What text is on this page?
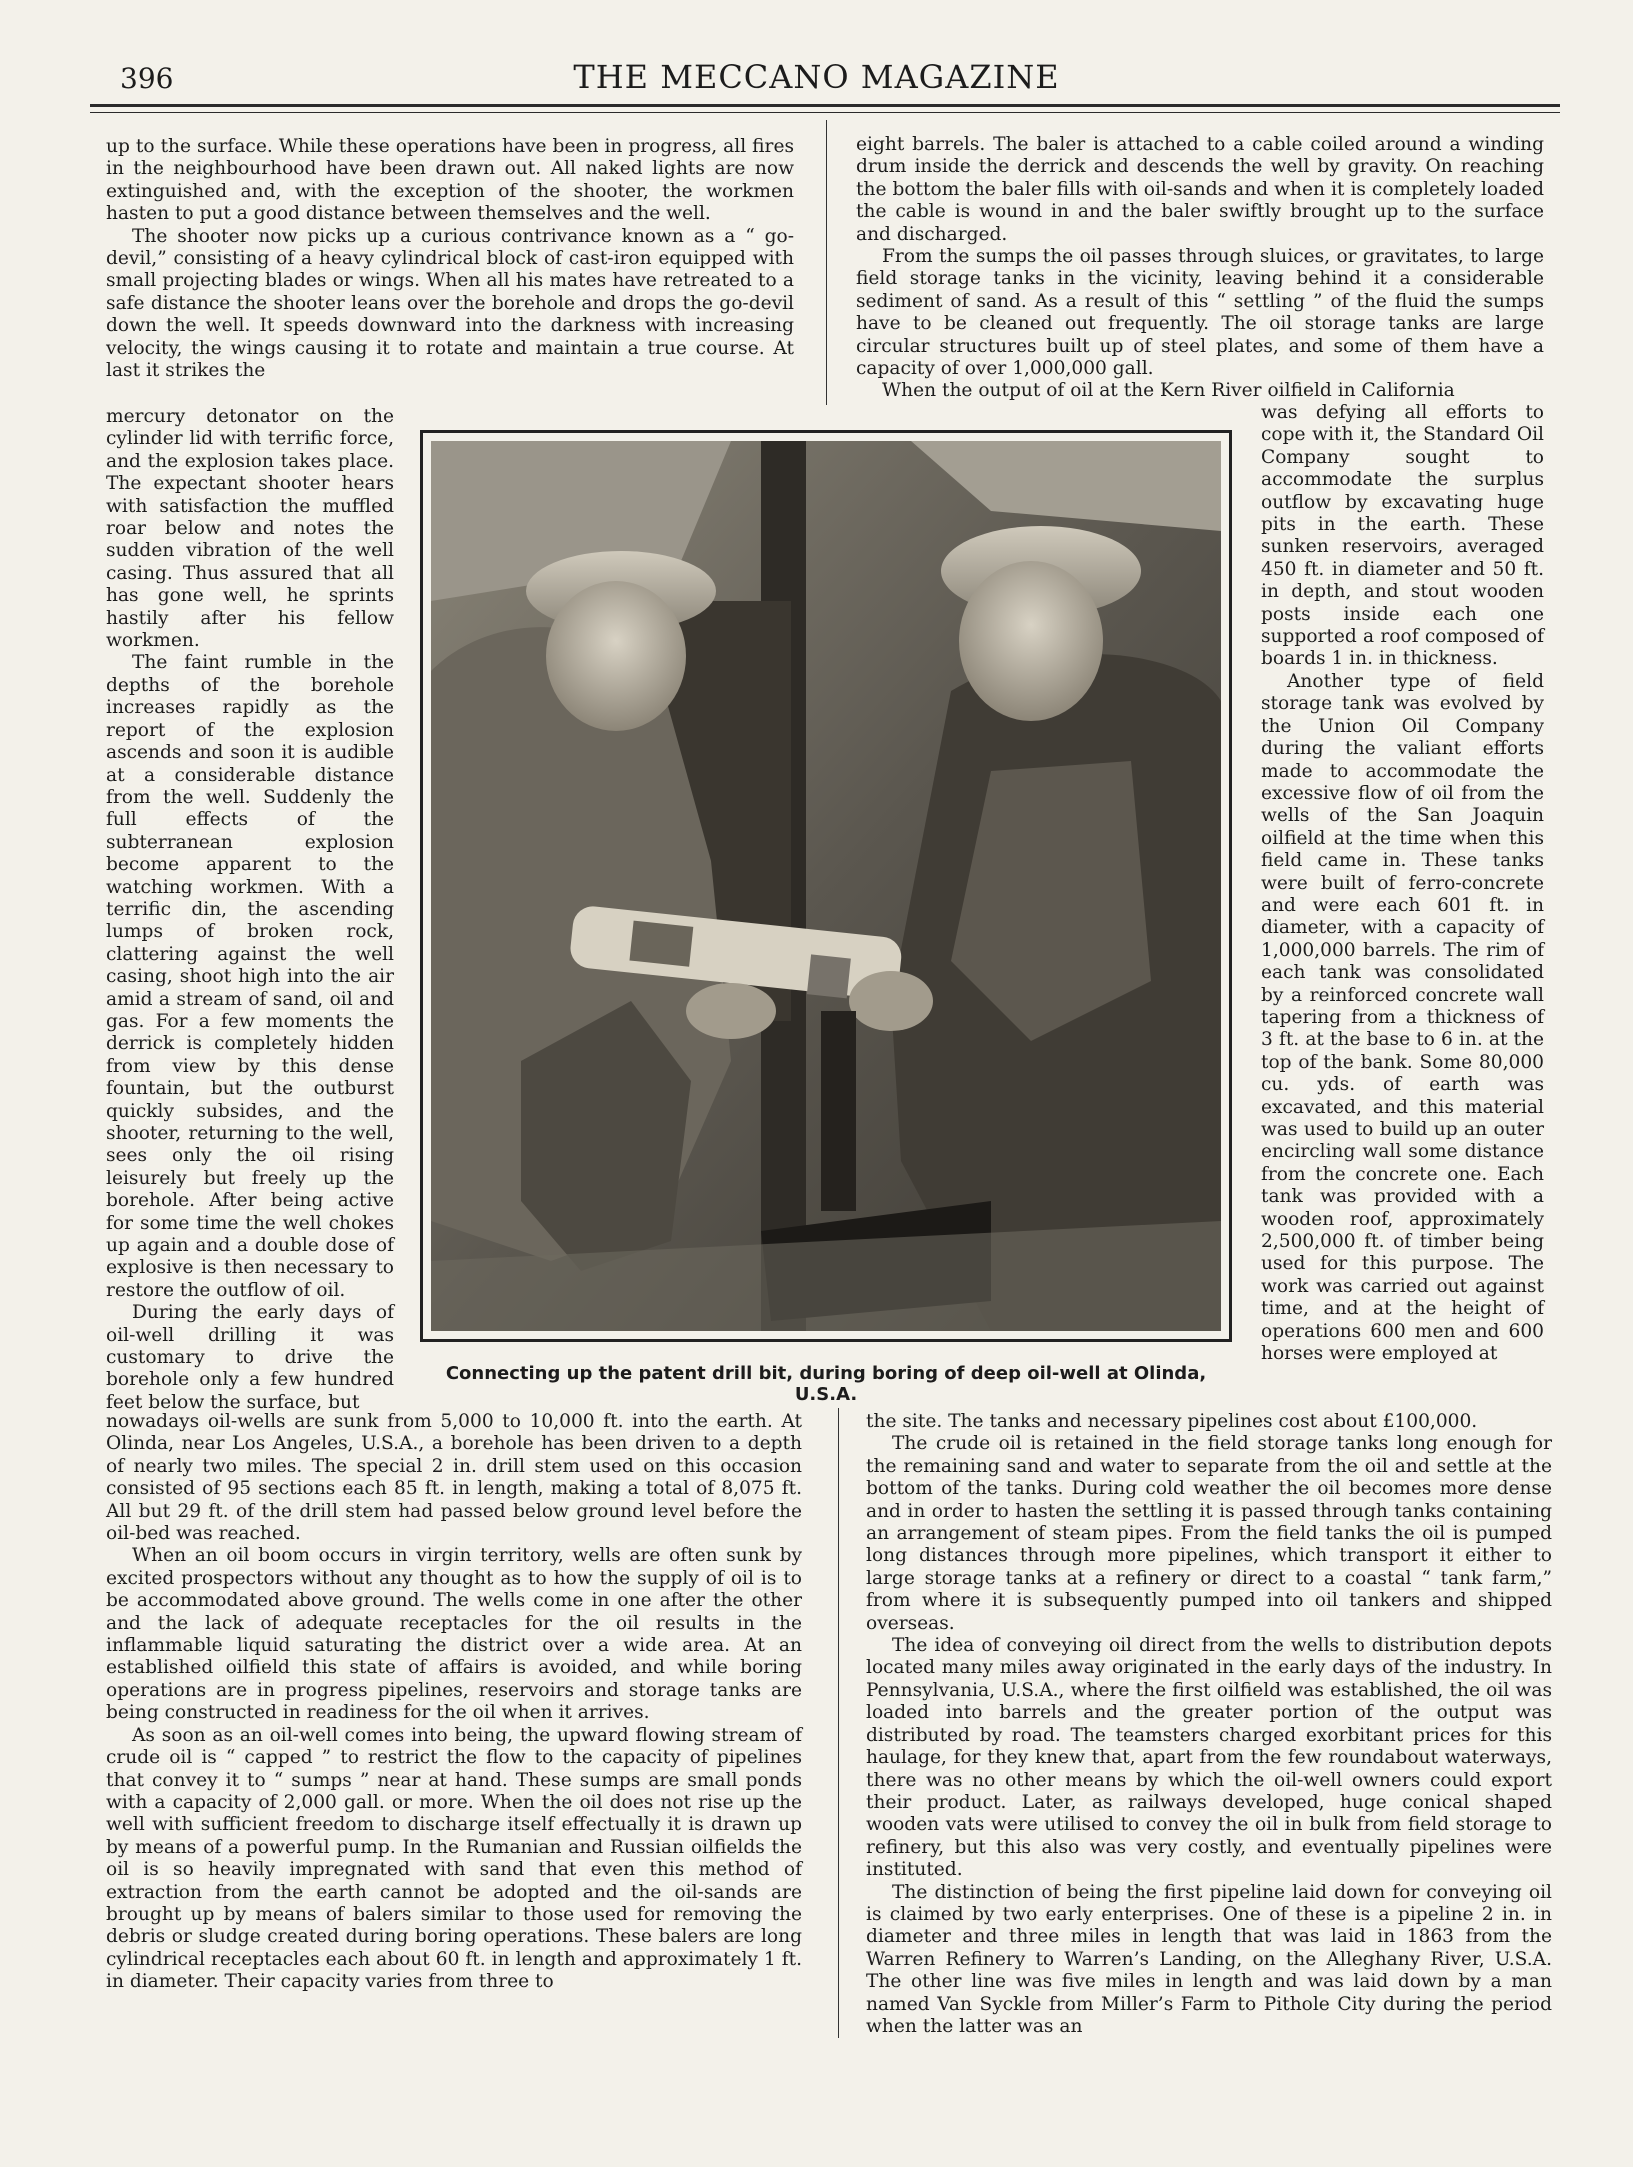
396	THE MECCANO MAGAZINE

up to the surface. While these operations have been in progress, all fires in the neighbourhood have been drawn out. All naked lights are now extinguished and, with the exception of the shooter, the workmen hasten to put a good distance between themselves and the well.

The shooter now picks up a curious contrivance known as a “ go-devil,” consisting of a heavy cylindrical block of cast-iron equipped with small projecting blades or wings. When all his mates have retreated to a safe distance the shooter leans over the borehole and drops the go-devil down the well. It speeds downward into the darkness with increasing velocity, the wings causing it to rotate and maintain a true course. At last it strikes the

mercury detonator on the cylinder lid with terrific force, and the explosion takes place. The expectant shooter hears with satisfaction the muffled roar below and notes the sudden vibration of the well casing. Thus assured that all has gone well, he sprints hastily after his fellow workmen.

The faint rumble in the depths of the borehole increases rapidly as the report of the explosion ascends and soon it is audible at a considerable distance from the well. Suddenly the full effects of the subterranean explosion become apparent to the watching workmen. With a terrific din, the ascending lumps of broken rock, clattering against the well casing, shoot high into the air amid a stream of sand, oil and gas. For a few moments the derrick is completely hidden from view by this dense fountain, but the outburst quickly subsides, and the shooter, returning to the well, sees only the oil rising leisurely but freely up the borehole. After being active for some time the well chokes up again and a double dose of explosive is then necessary to restore the outflow of oil.

During the early days of oil-well drilling it was customary to drive the borehole only a few hundred feet below the surface, but

nowadays oil-wells are sunk from 5,000 to 10,000 ft. into the earth. At Olinda, near Los Angeles, U.S.A., a borehole has been driven to a depth of nearly two miles. The special 2 in. drill stem used on this occasion consisted of 95 sections each 85 ft. in length, making a total of 8,075 ft. All but 29 ft. of the drill stem had passed below ground level before the oil-bed was reached.

When an oil boom occurs in virgin territory, wells are often sunk by excited prospectors without any thought as to how the supply of oil is to be accommodated above ground. The wells come in one after the other and the lack of adequate receptacles for the oil results in the inflammable liquid saturating the district over a wide area. At an established oilfield this state of affairs is avoided, and while boring operations are in progress pipelines, reservoirs and storage tanks are being constructed in readiness for the oil when it arrives.

As soon as an oil-well comes into being, the upward flowing stream of crude oil is “ capped ” to restrict the flow to the capacity of pipelines that convey it to “ sumps ” near at hand. These sumps are small ponds with a capacity of 2,000 gall. or more. When the oil does not rise up the well with sufficient freedom to discharge itself effectually it is drawn up by means of a powerful pump. In the Rumanian and Russian oilfields the oil is so heavily impregnated with sand that even this method of extraction from the earth cannot be adopted and the oil-sands are brought up by means of balers similar to those used for removing the debris or sludge created during boring operations. These balers are long cylindrical receptacles each about 60 ft. in length and approximately 1 ft. in diameter. Their capacity varies from three to

eight barrels. The baler is attached to a cable coiled around a winding drum inside the derrick and descends the well by gravity. On reaching the bottom the baler fills with oil-sands and when it is completely loaded the cable is wound in and the baler swiftly brought up to the surface and discharged.

From the sumps the oil passes through sluices, or gravitates, to large field storage tanks in the vicinity, leaving behind it a considerable sediment of sand. As a result of this “ settling ” of the fluid the sumps have to be cleaned out frequently. The oil storage tanks are large circular structures built up of steel plates, and some of them have a capacity of over 1,000,000 gall.

When the output of oil at the Kern River oilfield in California

was defying all efforts to cope with it, the Standard Oil Company sought to accommodate the surplus outflow by excavating huge pits in the earth. These sunken reservoirs, averaged 450 ft. in diameter and 50 ft. in depth, and stout wooden posts inside each one supported a roof composed of boards 1 in. in thickness.

Another type of field storage tank was evolved by the Union Oil Company during the valiant efforts made to accommodate the excessive flow of oil from the wells of the San Joaquin oilfield at the time when this field came in. These tanks were built of ferro-concrete and were each 601 ft. in diameter, with a capacity of 1,000,000 barrels. The rim of each tank was consolidated by a reinforced concrete wall tapering from a thickness of 3 ft. at the base to 6 in. at the top of the bank. Some 80,000 cu. yds. of earth was excavated, and this material was used to build up an outer encircling wall some distance from the concrete one. Each tank was provided with a wooden roof, approximately 2,500,000 ft. of timber being used for this purpose. The work was carried out against time, and at the height of operations 600 men and 600 horses were employed at

the site. The tanks and necessary pipelines cost about £100,000.

The crude oil is retained in the field storage tanks long enough for the remaining sand and water to separate from the oil and settle at the bottom of the tanks. During cold weather the oil becomes more dense and in order to hasten the settling it is passed through tanks containing an arrangement of steam pipes. From the field tanks the oil is pumped long distances through more pipelines, which transport it either to large storage tanks at a refinery or direct to a coastal “ tank farm,” from where it is subsequently pumped into oil tankers and shipped overseas.

The idea of conveying oil direct from the wells to distribution depots located many miles away originated in the early days of the industry. In Pennsylvania, U.S.A., where the first oilfield was established, the oil was loaded into barrels and the greater portion of the output was distributed by road. The teamsters charged exorbitant prices for this haulage, for they knew that, apart from the few roundabout waterways, there was no other means by which the oil-well owners could export their product. Later, as railways developed, huge conical shaped wooden vats were utilised to convey the oil in bulk from field storage to refinery, but this also was very costly, and eventually pipelines were instituted.

The distinction of being the first pipeline laid down for conveying oil is claimed by two early enterprises. One of these is a pipeline 2 in. in diameter and three miles in length that was laid in 1863 from the Warren Refinery to Warren’s Landing, on the Alleghany River, U.S.A. The other line was five miles in length and was laid down by a man named Van Syckle from Miller’s Farm to Pithole City during the period when the latter was an

Connecting up the patent drill bit, during boring of deep oil-well at Olinda, U.S.A.
